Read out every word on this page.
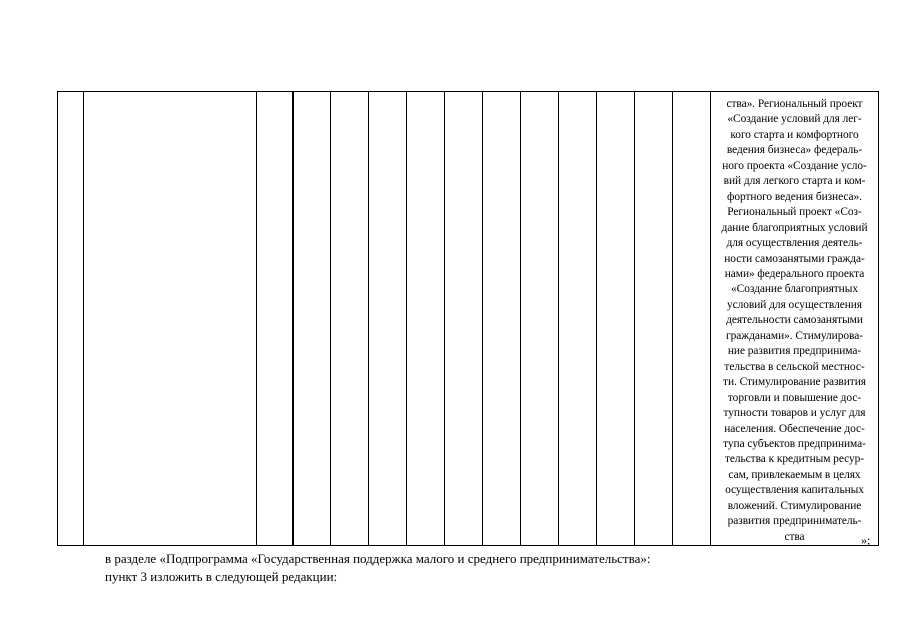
ства». Региональный проект
«Создание условий для лег-
кого старта и комфортного
ведения бизнеса» федераль-
ного проекта «Создание усло-
вий для легкого старта и ком-
фортного ведения бизнеса».
Региональный проект «Соз-
дание благоприятных условий
для осуществления деятель-
ности самозанятыми гражда-
нами» федерального проекта
«Создание благоприятных
условий для осуществления
деятельности самозанятыми
гражданами». Стимулирова-
ние развития предпринима-
тельства в сельской местнос-
ти. Стимулирование развития
торговли и повышение дос-
тупности товаров и услуг для
населения. Обеспечение дос-
тупа субъектов предпринима-
тельства к кредитным ресур-
сам, привлекаемым в целях
осуществления капитальных
вложений. Стимулирование
развития предприниматель-
ства	»;
в разделе «Подпрограмма «Государственная поддержка малого и среднего предпринимательства»:
пункт 3 изложить в следующей редакции:
